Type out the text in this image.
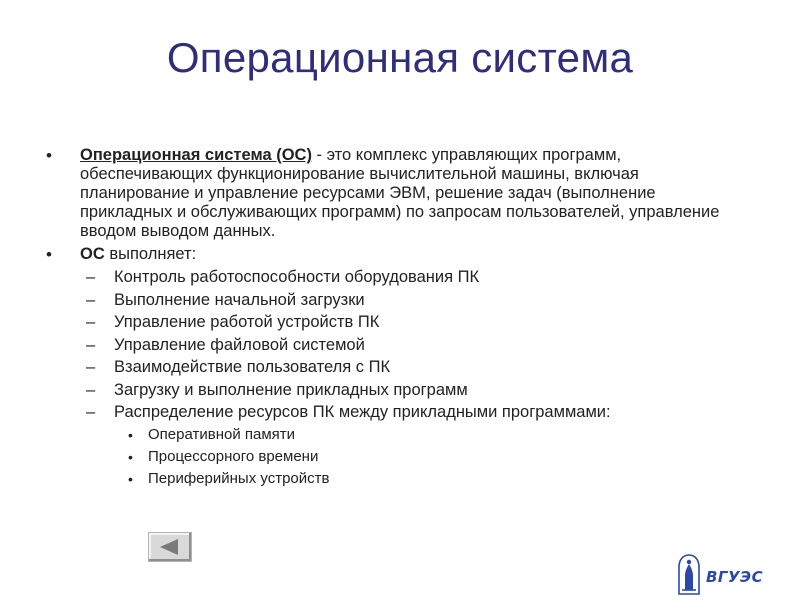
Операционная система
• Операционная система (ОС) - это комплекс управляющих программ, обеспечивающих функционирование вычислительной машины, включая планирование и управление ресурсами ЭВМ, решение задач (выполнение прикладных и обслуживающих программ) по запросам пользователей, управление вводом выводом данных.
• ОС выполняет:
– Контроль работоспособности оборудования ПК
– Выполнение начальной загрузки
– Управление работой устройств ПК
– Управление файловой системой
– Взаимодействие пользователя с ПК
– Загрузку и выполнение прикладных программ
– Распределение ресурсов ПК между прикладными программами:
• Оперативной памяти
• Процессорного времени
• Периферийных устройств
ВГУЭС
